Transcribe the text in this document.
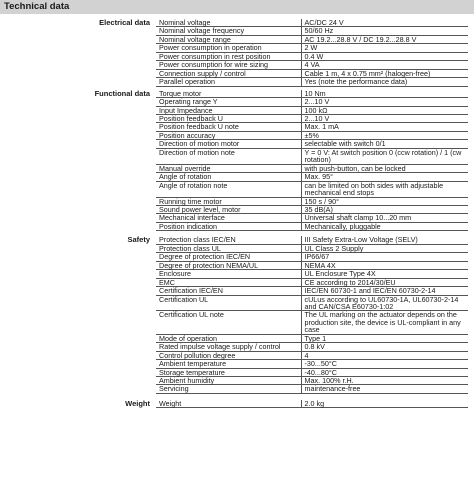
Technical data
Electrical data Nominal voltage	AC/DC 24 V
Nominal voltage frequency	50/60 Hz
Nominal voltage range	AC 19.2...28.8 V / DC 19.2...28.8 V
Power consumption in operation	2 W
Power consumption in rest position	0.4 W
Power consumption for wire sizing	4 VA
Connection supply / control	Cable 1 m, 4 x 0.75 mm² (halogen-free)
Parallel operation	Yes (note the performance data)
Functional data Torque motor	10 Nm
Operating range Y	2...10 V
Input Impedance	100 kΩ
Position feedback U	2...10 V
Position feedback U note	Max. 1 mA
Position accuracy	±5%
Direction of motion motor	selectable with switch 0/1
Direction of motion note	Y = 0 V: At switch position 0 (ccw rotation) / 1 (cw rotation)
Manual override	with push-button, can be locked
Angle of rotation	Max. 95°
Angle of rotation note	can be limited on both sides with adjustable mechanical end stops
Running time motor	150 s / 90°
Sound power level, motor	35 dB(A)
Mechanical interface	Universal shaft clamp 10...20 mm
Position indication	Mechanically, pluggable
Safety Protection class IEC/EN	III Safety Extra-Low Voltage (SELV)
Protection class UL	UL Class 2 Supply
Degree of protection IEC/EN	IP66/67
Degree of protection NEMA/UL	NEMA 4X
Enclosure	UL Enclosure Type 4X
EMC	CE according to 2014/30/EU
Certification IEC/EN	IEC/EN 60730-1 and IEC/EN 60730-2-14
Certification UL	cULus according to UL60730-1A, UL60730-2-14 and CAN/CSA E60730-1:02
Certification UL note	The UL marking on the actuator depends on the production site, the device is UL-compliant in any case
Mode of operation	Type 1
Rated impulse voltage supply / control	0.8 kV
Control pollution degree	4
Ambient temperature	-30...50°C
Storage temperature	-40...80°C
Ambient humidity	Max. 100% r.H.
Servicing	maintenance-free
Weight Weight	2.0 kg
